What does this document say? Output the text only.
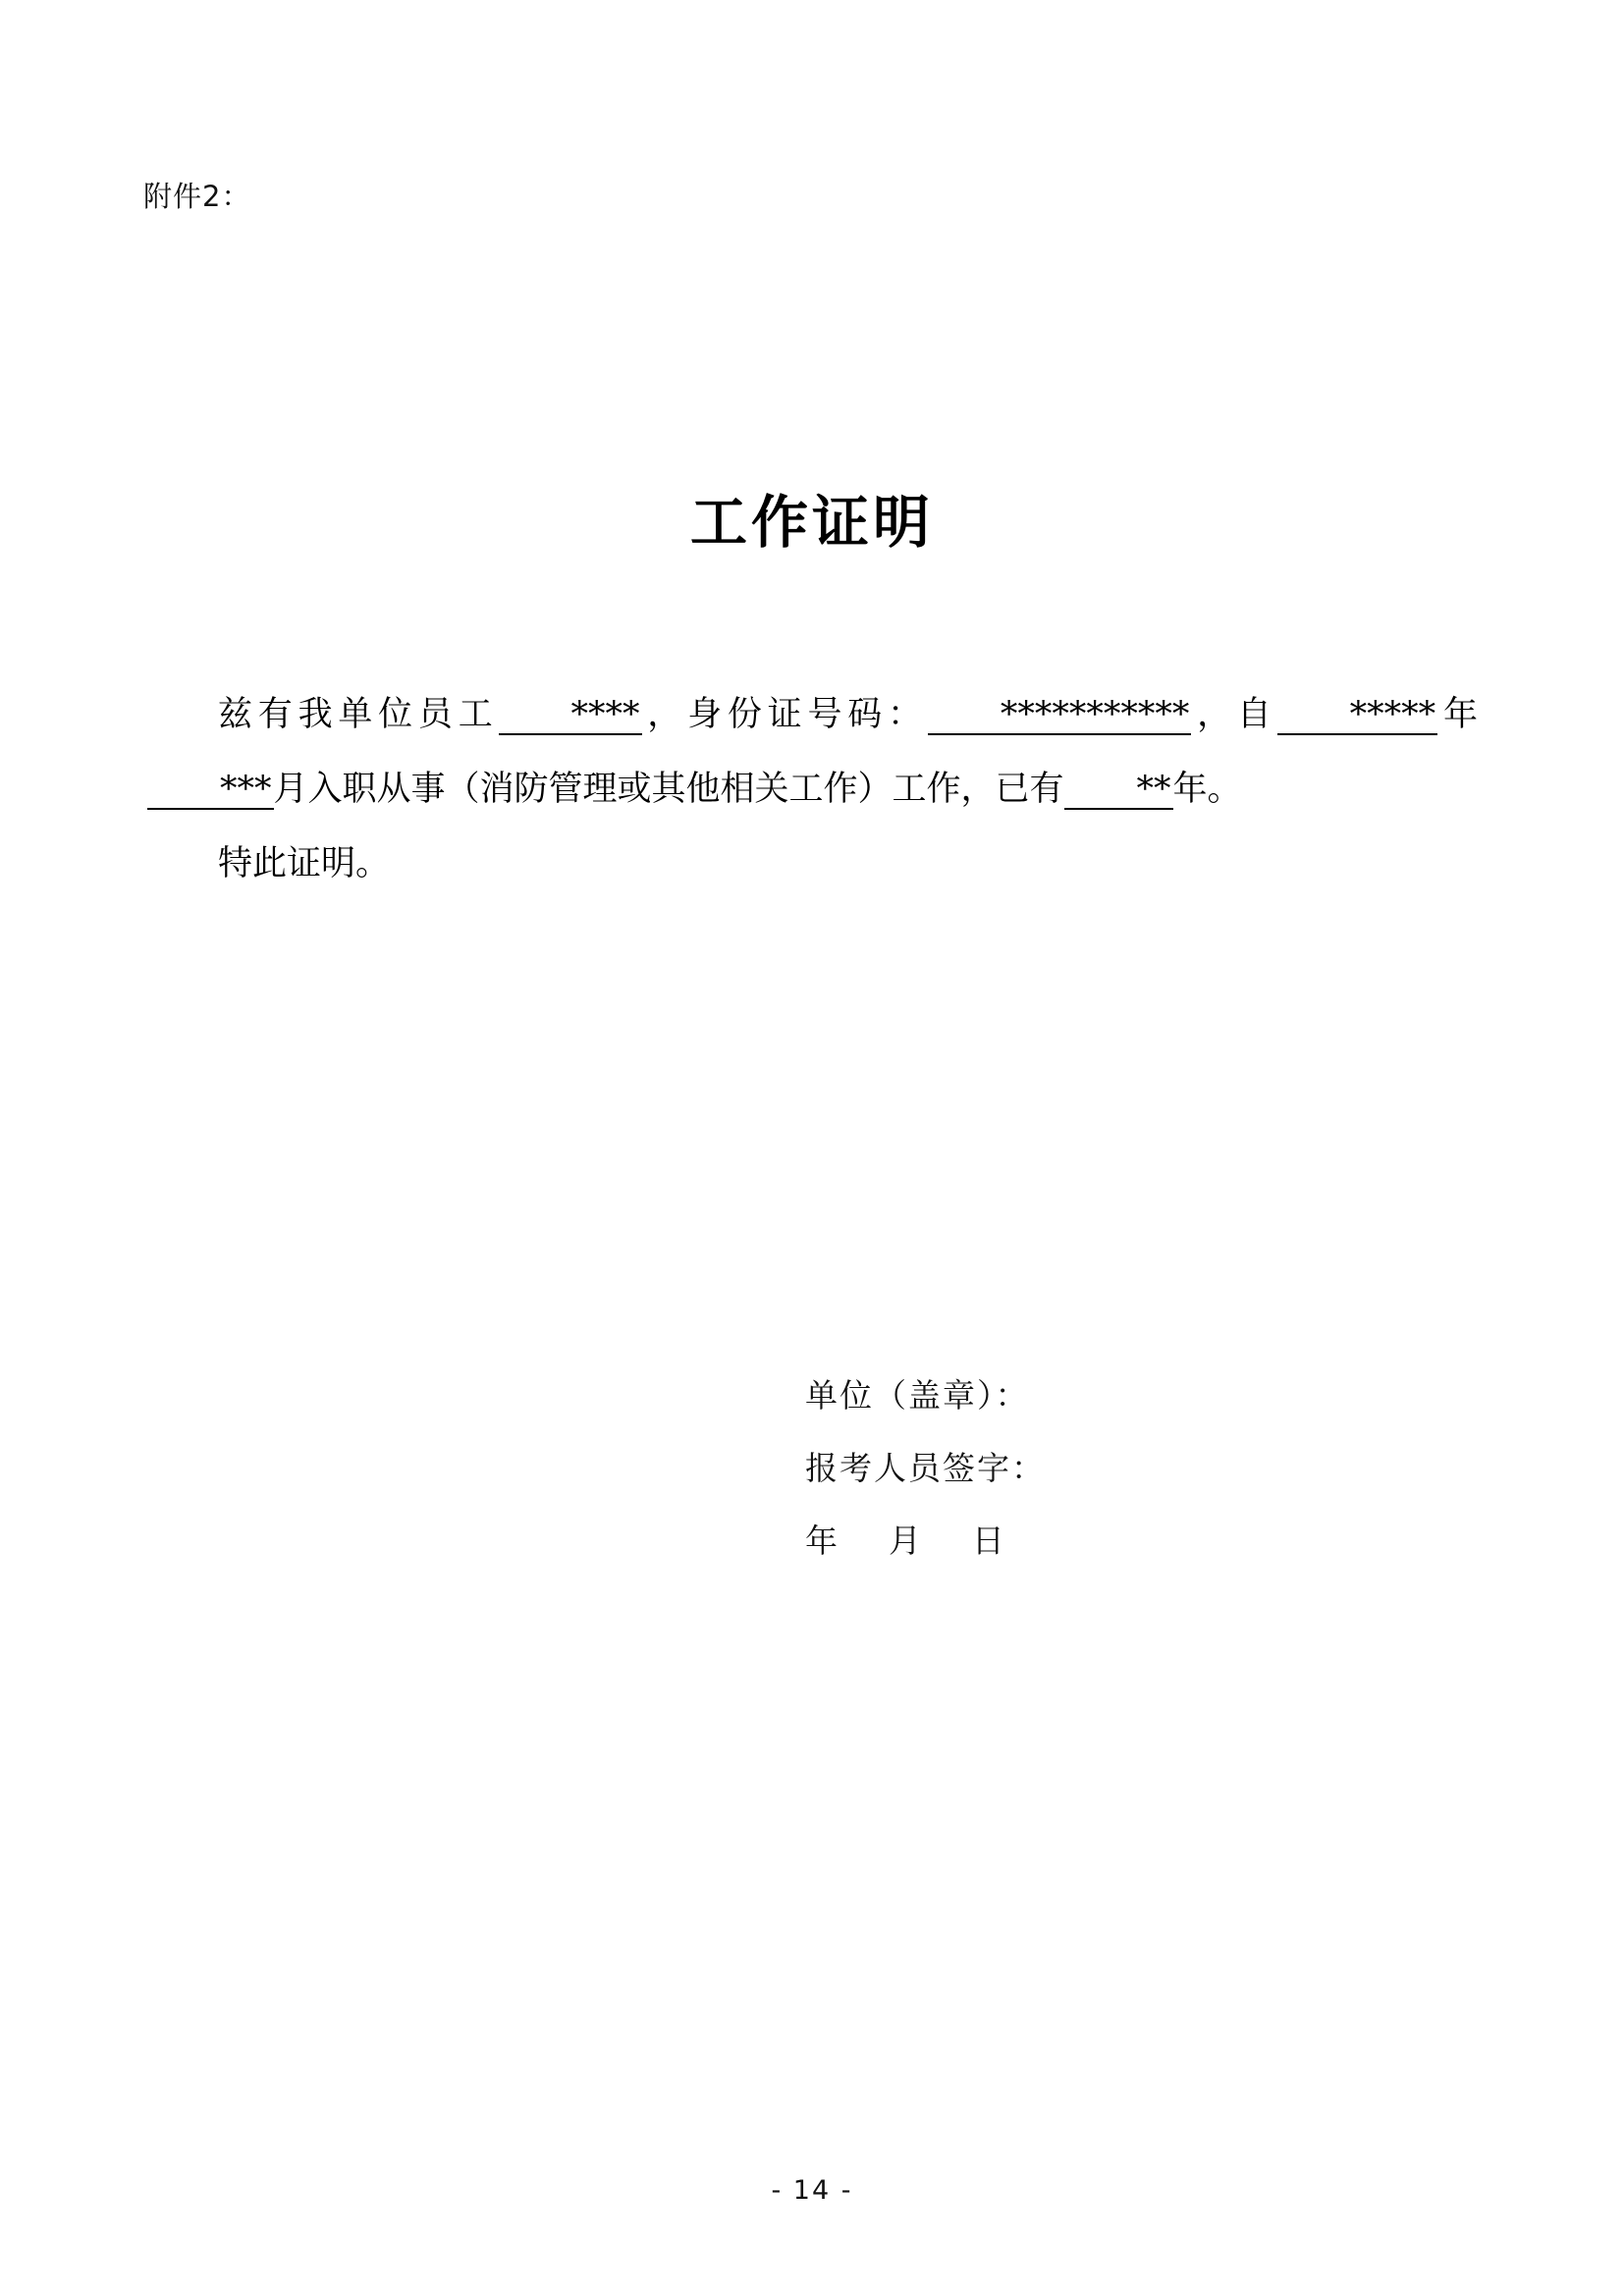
附件2：
工作证明

兹有我单位员工 ****，身份证号码： ***********，自 *****年***月入职从事（消防管理或其他相关工作）工作，已有 **年。

特此证明。

单位（盖章）：
报考人员签字：
年    月    日
- 14 -
